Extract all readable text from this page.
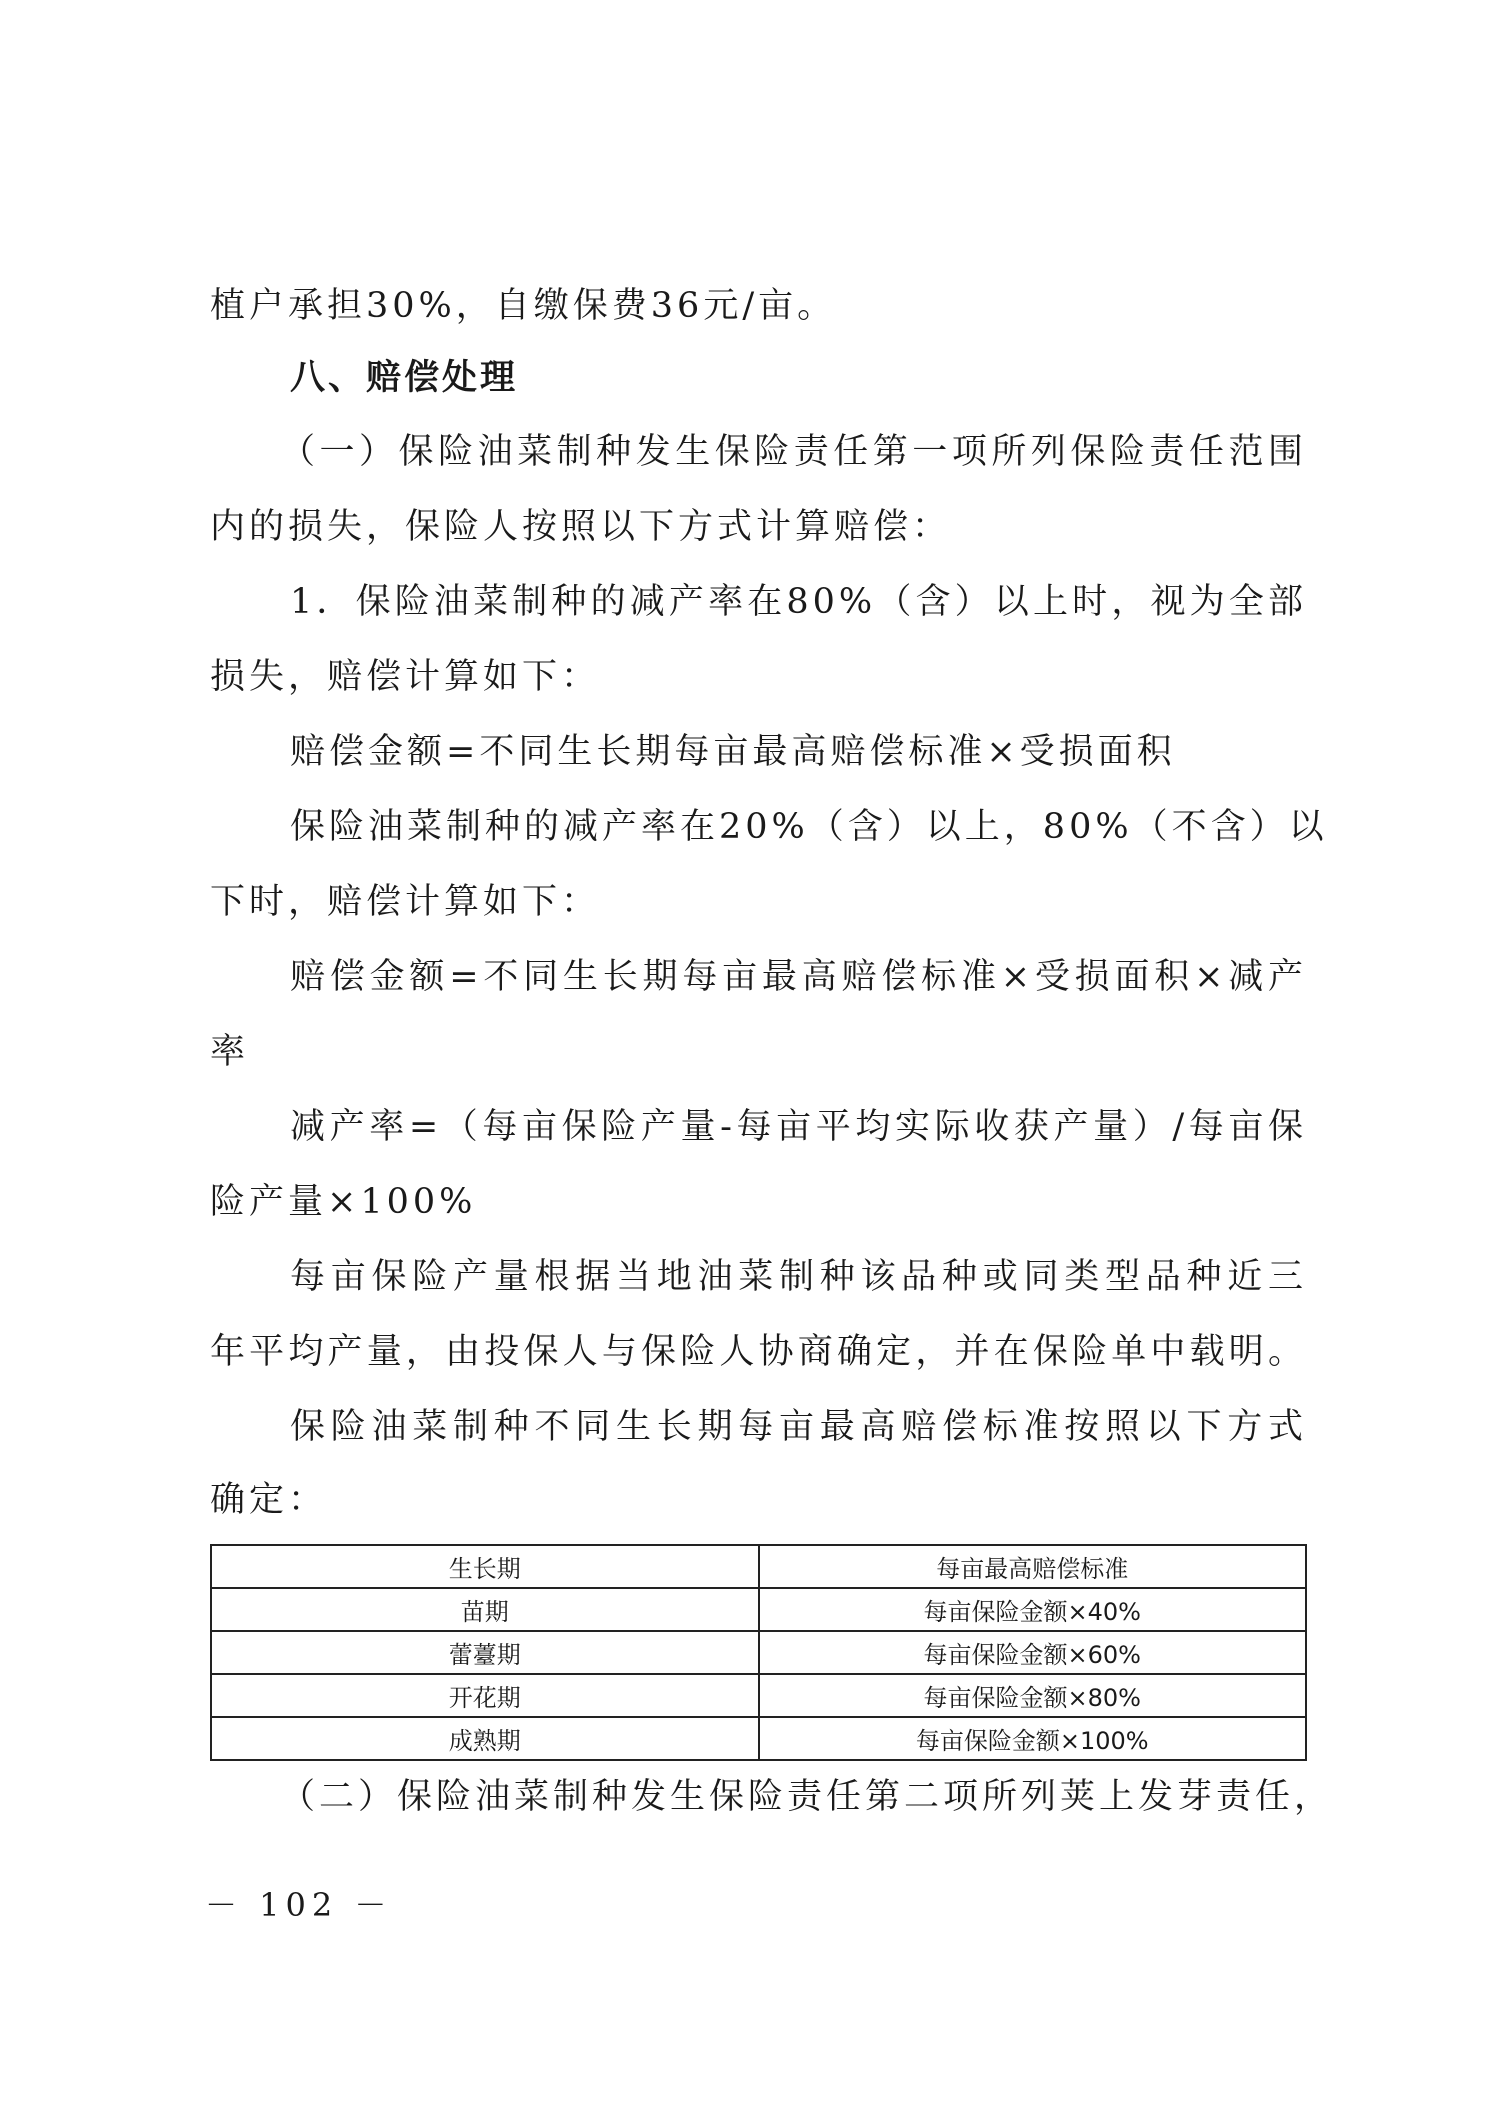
植户承担30%，自缴保费36元/亩。
八、赔偿处理
（一）保险油菜制种发生保险责任第一项所列保险责任范围
内的损失，保险人按照以下方式计算赔偿：
1．保险油菜制种的减产率在80%（含）以上时，视为全部
损失，赔偿计算如下：
赔偿金额=不同生长期每亩最高赔偿标准×受损面积
保险油菜制种的减产率在20%（含）以上，80%（不含）以
下时，赔偿计算如下：
赔偿金额=不同生长期每亩最高赔偿标准×受损面积×减产
率
减产率=（每亩保险产量-每亩平均实际收获产量）/每亩保
险产量×100%
每亩保险产量根据当地油菜制种该品种或同类型品种近三
年平均产量，由投保人与保险人协商确定，并在保险单中载明。
保险油菜制种不同生长期每亩最高赔偿标准按照以下方式
确定：
生长期	每亩最高赔偿标准
苗期	每亩保险金额×40%
蕾薹期	每亩保险金额×60%
开花期	每亩保险金额×80%
成熟期	每亩保险金额×100%
（二）保险油菜制种发生保险责任第二项所列荚上发芽责任，
－ 102 －
